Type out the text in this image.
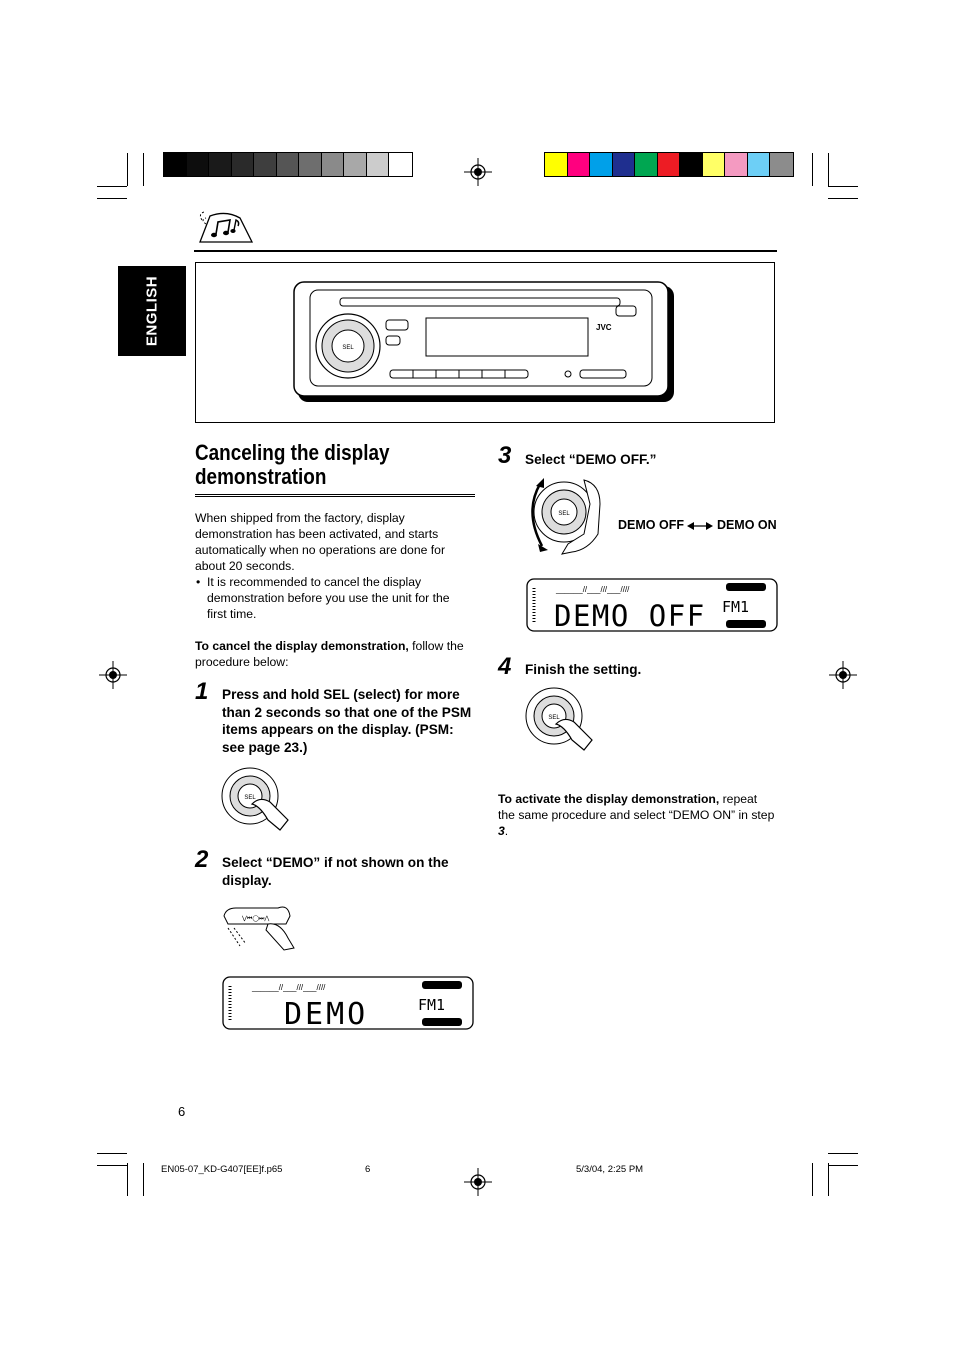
ENGLISH
SEL
JVC
Canceling the display demonstration
When shipped from the factory, display demonstration has been activated, and starts automatically when no operations are done for about 20 seconds.
• It is recommended to cancel the display demonstration before you use the unit for the first time.
To cancel the display demonstration, follow the procedure below:
1 Press and hold SEL (select) for more than 2 seconds so that one of the PSM items appears on the display. (PSM: see page 23.)
SEL
2 Select “DEMO” if not shown on the display.
⋁⏮◯⏭⋀
______//___///___////
DEMO	FM1
3 Select “DEMO OFF.”
SEL
DEMO OFF	DEMO ON
______//___///___////
DEMO OFF FM1
4 Finish the setting.
SEL
To activate the display demonstration, repeat the same procedure and select “DEMO ON” in step 3.
6
EN05-07_KD-G407[EE]f.p65	6	5/3/04, 2:25 PM
